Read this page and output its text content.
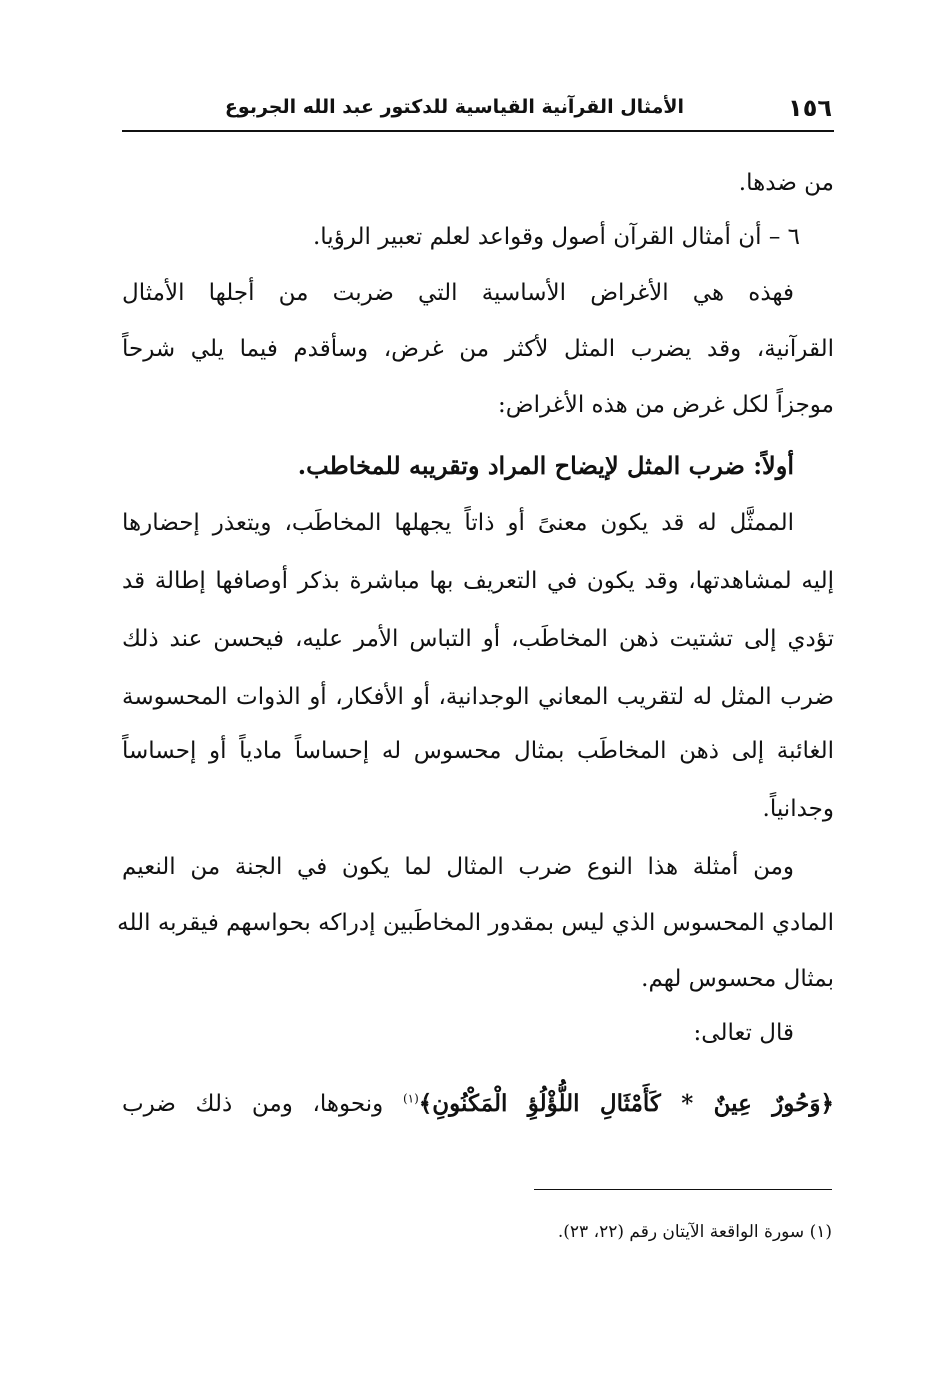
١٥٦
الأمثال القرآنية القياسية للدكتور عبد الله الجربوع
من ضدها.
٦ – أن أمثال القرآن أصول وقواعد لعلم تعبير الرؤيا.
فهذه هي الأغراض الأساسية التي ضربت من أجلها الأمثال
القرآنية، وقد يضرب المثل لأكثر من غرض، وسأقدم فيما يلي شرحاً
موجزاً لكل غرض من هذه الأغراض:
أولاً: ضرب المثل لإيضاح المراد وتقريبه للمخاطب.
الممثَّل له قد يكون معنىً أو ذاتاً يجهلها المخاطَب، ويتعذر إحضارها
إليه لمشاهدتها، وقد يكون في التعريف بها مباشرة بذكر أوصافها إطالة قد
تؤدي إلى تشتيت ذهن المخاطَب، أو التباس الأمر عليه، فيحسن عند ذلك
ضرب المثل له لتقريب المعاني الوجدانية، أو الأفكار، أو الذوات المحسوسة
الغائبة إلى ذهن المخاطَب بمثال محسوس له إحساساً مادياً أو إحساساً
وجدانياً.
ومن أمثلة هذا النوع ضرب المثال لما يكون في الجنة من النعيم
المادي المحسوس الذي ليس بمقدور المخاطَبين إدراكه بحواسهم فيقربه الله
بمثال محسوس لهم.
قال تعالى:
﴿وَحُورٌ عِينٌ * كَأَمْثَالِ اللُّؤْلُؤِ الْمَكْنُونِ﴾$^{(١)}$ ونحوها، ومن ذلك ضرب
(١) سورة الواقعة الآيتان رقم (٢٢، ٢٣).
